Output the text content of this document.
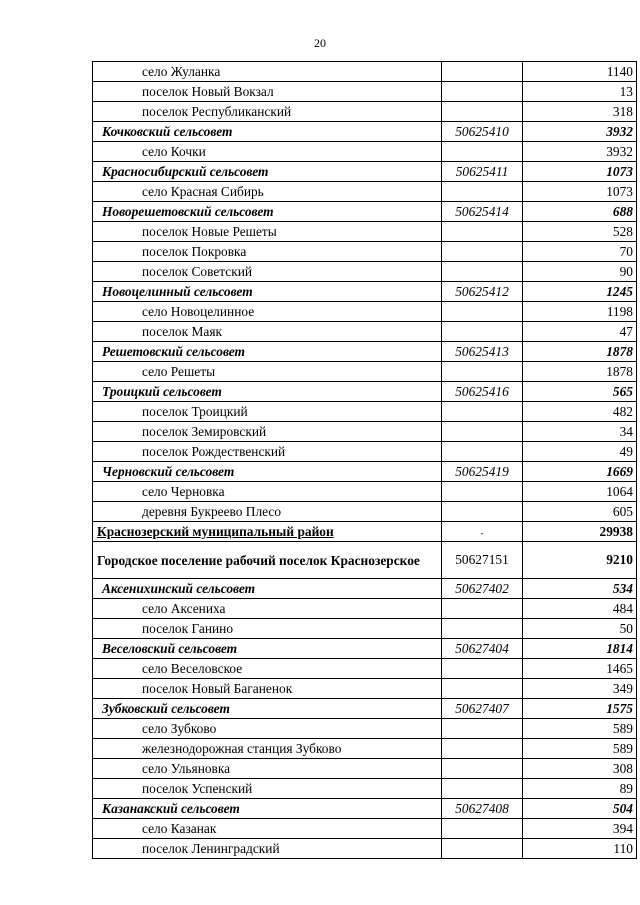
20
село Жуланка		1140
поселок Новый Вокзал		13
поселок Республиканский		318
Кочковский сельсовет	50625410	3932
село Кочки		3932
Красносибирский сельсовет	50625411	1073
село Красная Сибирь		1073
Новорешетовский сельсовет	50625414	688
поселок Новые Решеты		528
поселок Покровка		70
поселок Советский		90
Новоцелинный сельсовет	50625412	1245
село Новоцелинное		1198
поселок Маяк		47
Решетовский сельсовет	50625413	1878
село Решеты		1878
Троицкий сельсовет	50625416	565
поселок Троицкий		482
поселок Земировский		34
поселок Рождественский		49
Черновский сельсовет	50625419	1669
село Черновка		1064
деревня Букреево Плесо		605
Краснозерский муниципальный район	-	29938
Городское поселение рабочий поселок Краснозерское	50627151	9210
Аксенихинский сельсовет	50627402	534
село Аксениха		484
поселок Ганино		50
Веселовский сельсовет	50627404	1814
село Веселовское		1465
поселок Новый Баганенок		349
Зубковский сельсовет	50627407	1575
село Зубково		589
железнодорожная станция Зубково		589
село Ульяновка		308
поселок Успенский		89
Казанакский сельсовет	50627408	504
село Казанак		394
поселок Ленинградский		110
